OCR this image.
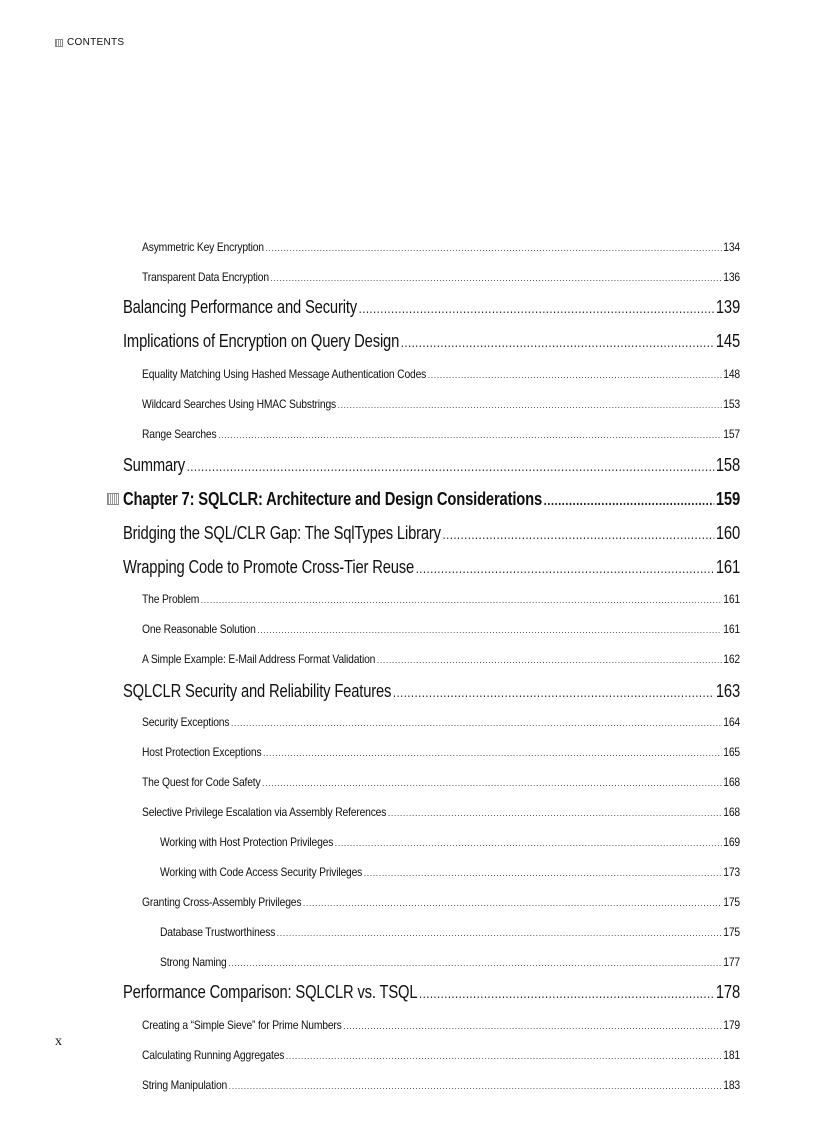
CONTENTS
Asymmetric Key Encryption .....	134
Transparent Data Encryption .....	136
Balancing Performance and Security .....	139
Implications of Encryption on Query Design .....	145
Equality Matching Using Hashed Message Authentication Codes .....	148
Wildcard Searches Using HMAC Substrings .....	153
Range Searches .....	157
Summary .....	158
Chapter 7: SQLCLR: Architecture and Design Considerations .....	159
Bridging the SQL/CLR Gap: The SqlTypes Library .....	160
Wrapping Code to Promote Cross-Tier Reuse .....	161
The Problem .....	161
One Reasonable Solution .....	161
A Simple Example: E-Mail Address Format Validation .....	162
SQLCLR Security and Reliability Features .....	163
Security Exceptions .....	164
Host Protection Exceptions .....	165
The Quest for Code Safety .....	168
Selective Privilege Escalation via Assembly References .....	168
Working with Host Protection Privileges .....	169
Working with Code Access Security Privileges .....	173
Granting Cross-Assembly Privileges .....	175
Database Trustworthiness .....	175
Strong Naming .....	177
Performance Comparison: SQLCLR vs. TSQL .....	178
Creating a “Simple Sieve” for Prime Numbers .....	179
Calculating Running Aggregates .....	181
String Manipulation .....	183
x
